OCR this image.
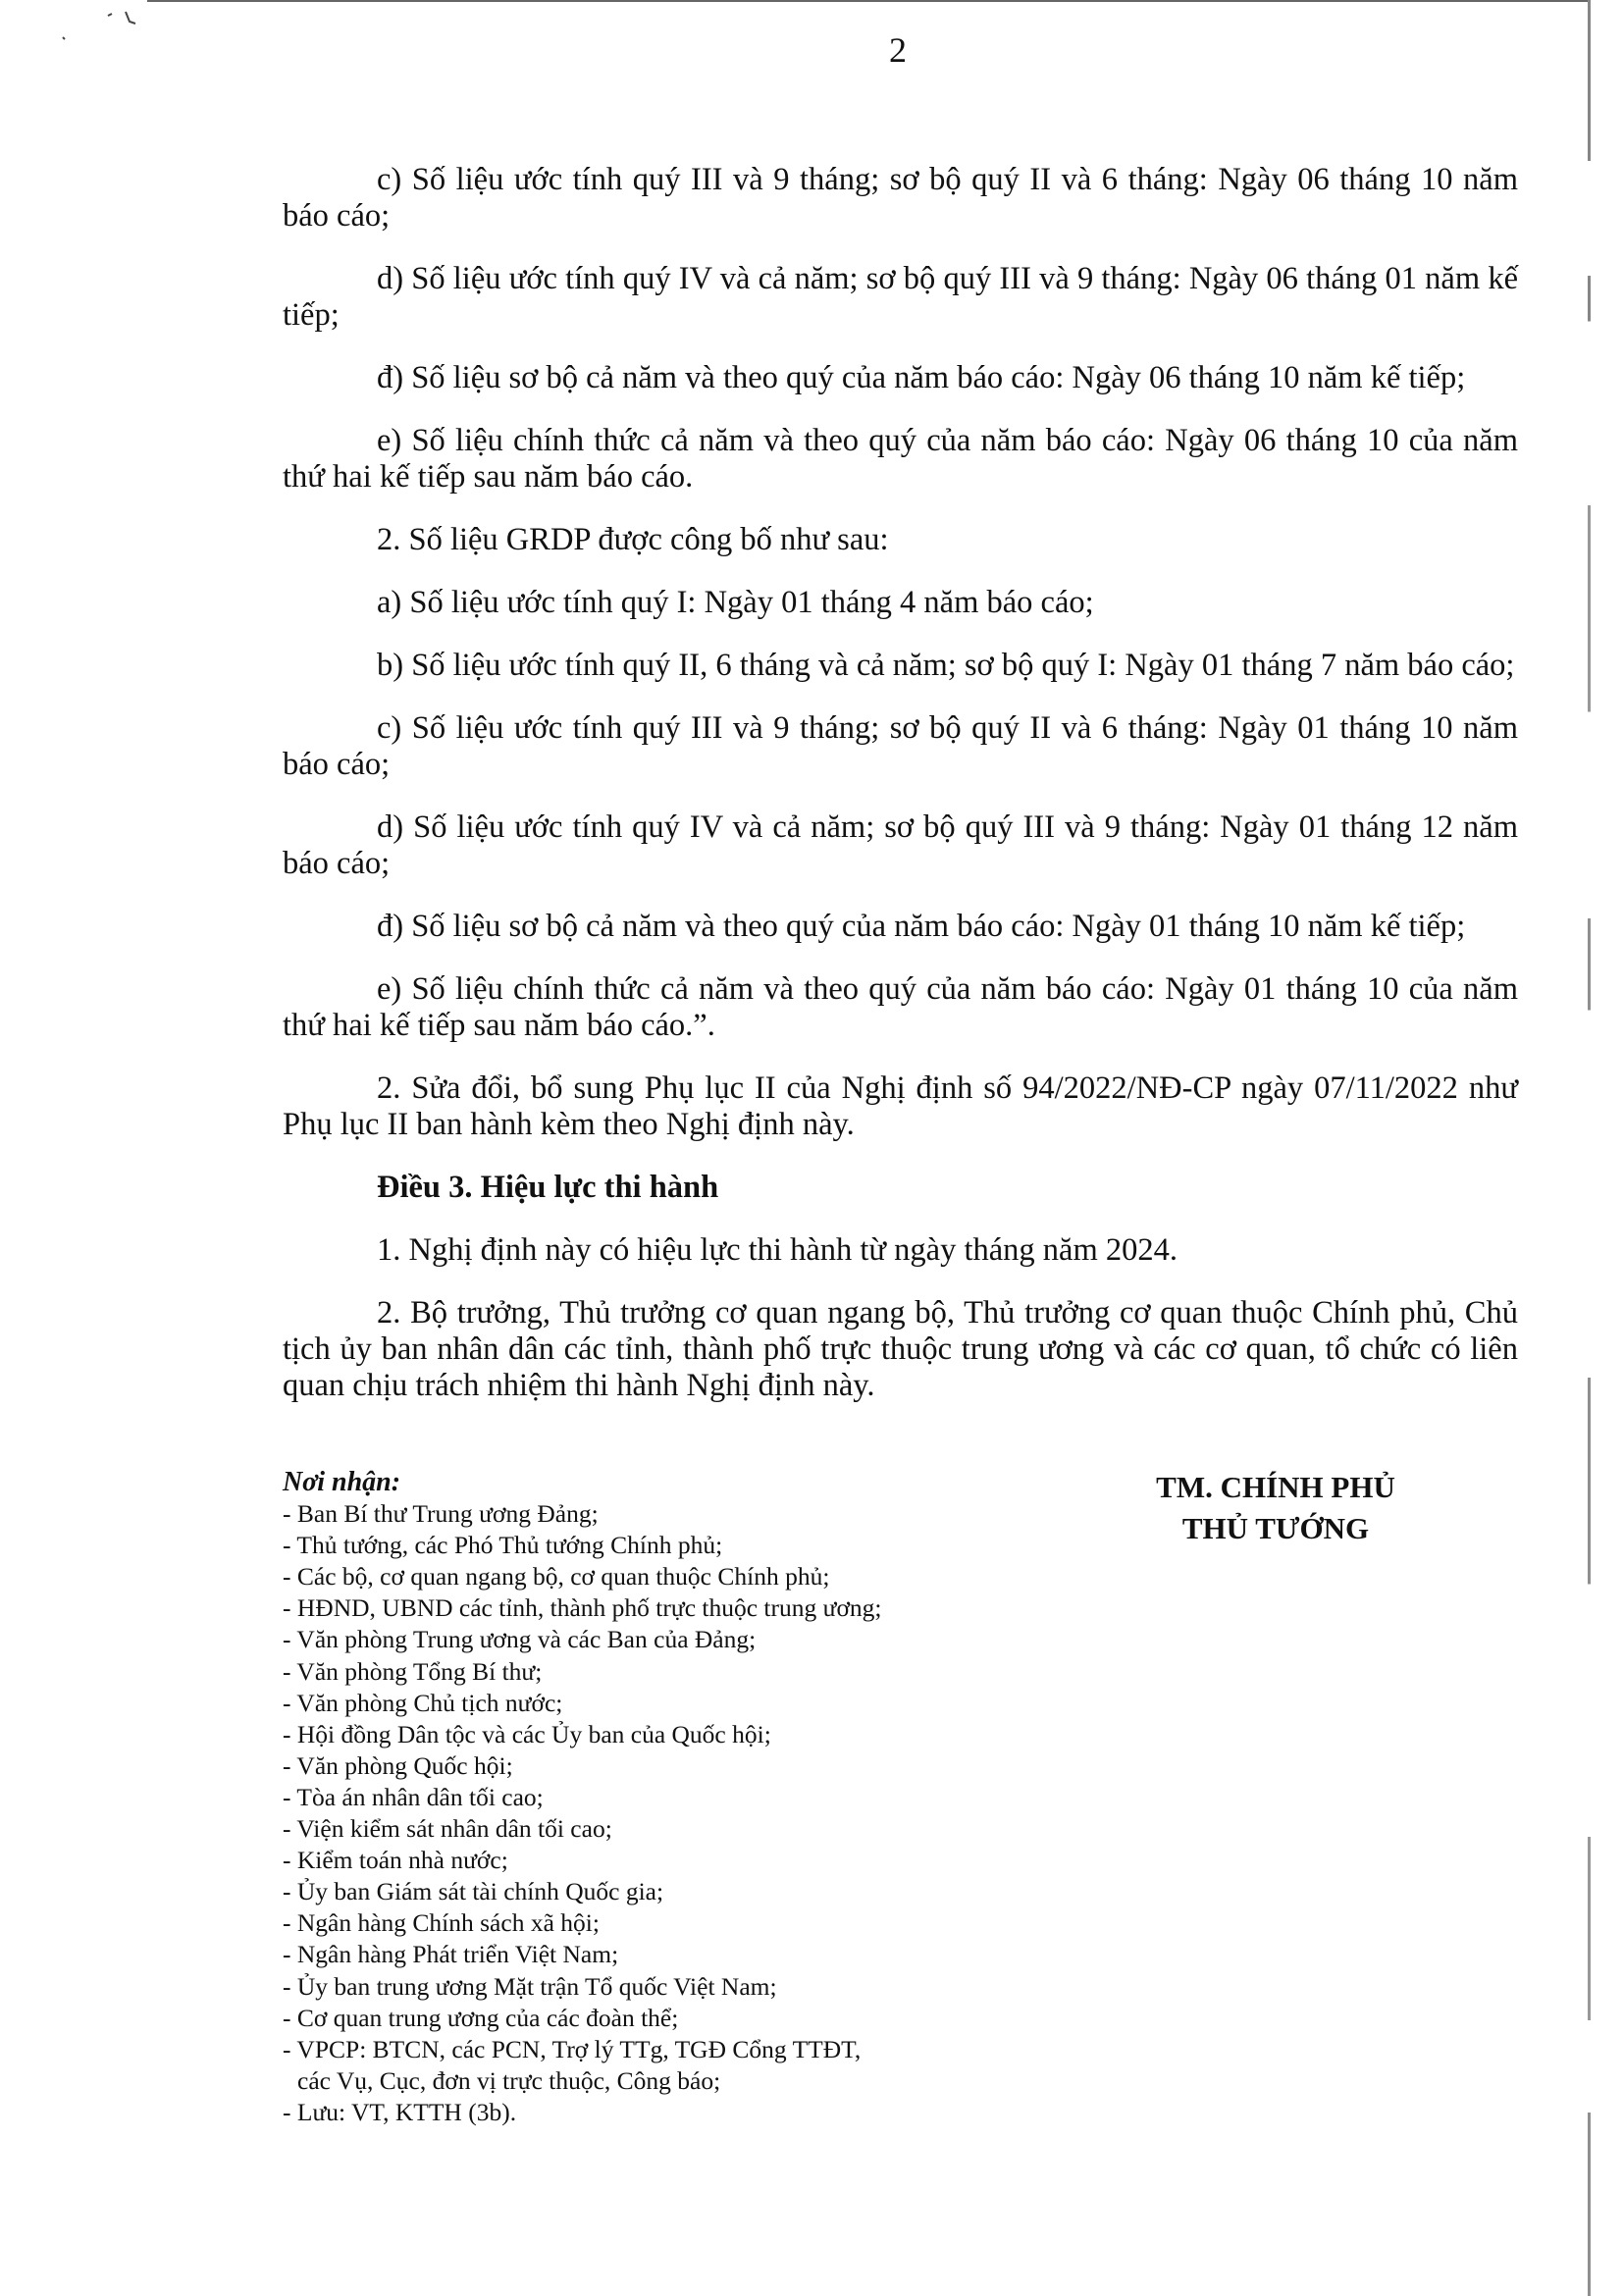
2

c) Số liệu ước tính quý III và 9 tháng; sơ bộ quý II và 6 tháng: Ngày 06 tháng 10 năm báo cáo;

d) Số liệu ước tính quý IV và cả năm; sơ bộ quý III và 9 tháng: Ngày 06 tháng 01 năm kế tiếp;

đ) Số liệu sơ bộ cả năm và theo quý của năm báo cáo: Ngày 06 tháng 10 năm kế tiếp;

e) Số liệu chính thức cả năm và theo quý của năm báo cáo: Ngày 06 tháng 10 của năm thứ hai kế tiếp sau năm báo cáo.

2. Số liệu GRDP được công bố như sau:

a) Số liệu ước tính quý I: Ngày 01 tháng 4 năm báo cáo;

b) Số liệu ước tính quý II, 6 tháng và cả năm; sơ bộ quý I: Ngày 01 tháng 7 năm báo cáo;

c) Số liệu ước tính quý III và 9 tháng; sơ bộ quý II và 6 tháng: Ngày 01 tháng 10 năm báo cáo;

d) Số liệu ước tính quý IV và cả năm; sơ bộ quý III và 9 tháng: Ngày 01 tháng 12 năm báo cáo;

đ) Số liệu sơ bộ cả năm và theo quý của năm báo cáo: Ngày 01 tháng 10 năm kế tiếp;

e) Số liệu chính thức cả năm và theo quý của năm báo cáo: Ngày 01 tháng 10 của năm thứ hai kế tiếp sau năm báo cáo.”.

2. Sửa đổi, bổ sung Phụ lục II của Nghị định số 94/2022/NĐ-CP ngày 07/11/2022 như Phụ lục II ban hành kèm theo Nghị định này.

Điều 3. Hiệu lực thi hành

1. Nghị định này có hiệu lực thi hành từ ngày tháng năm 2024.

2. Bộ trưởng, Thủ trưởng cơ quan ngang bộ, Thủ trưởng cơ quan thuộc Chính phủ, Chủ tịch ủy ban nhân dân các tỉnh, thành phố trực thuộc trung ương và các cơ quan, tổ chức có liên quan chịu trách nhiệm thi hành Nghị định này.

Nơi nhận:
- Ban Bí thư Trung ương Đảng;
- Thủ tướng, các Phó Thủ tướng Chính phủ;
- Các bộ, cơ quan ngang bộ, cơ quan thuộc Chính phủ;
- HĐND, UBND các tỉnh, thành phố trực thuộc trung ương;
- Văn phòng Trung ương và các Ban của Đảng;
- Văn phòng Tổng Bí thư;
- Văn phòng Chủ tịch nước;
- Hội đồng Dân tộc và các Ủy ban của Quốc hội;
- Văn phòng Quốc hội;
- Tòa án nhân dân tối cao;
- Viện kiểm sát nhân dân tối cao;
- Kiểm toán nhà nước;
- Ủy ban Giám sát tài chính Quốc gia;
- Ngân hàng Chính sách xã hội;
- Ngân hàng Phát triển Việt Nam;
- Ủy ban trung ương Mặt trận Tổ quốc Việt Nam;
- Cơ quan trung ương của các đoàn thể;
- VPCP: BTCN, các PCN, Trợ lý TTg, TGĐ Cổng TTĐT,
các Vụ, Cục, đơn vị trực thuộc, Công báo;
- Lưu: VT, KTTH (3b).
TM. CHÍNH PHỦ
THỦ TƯỚNG
